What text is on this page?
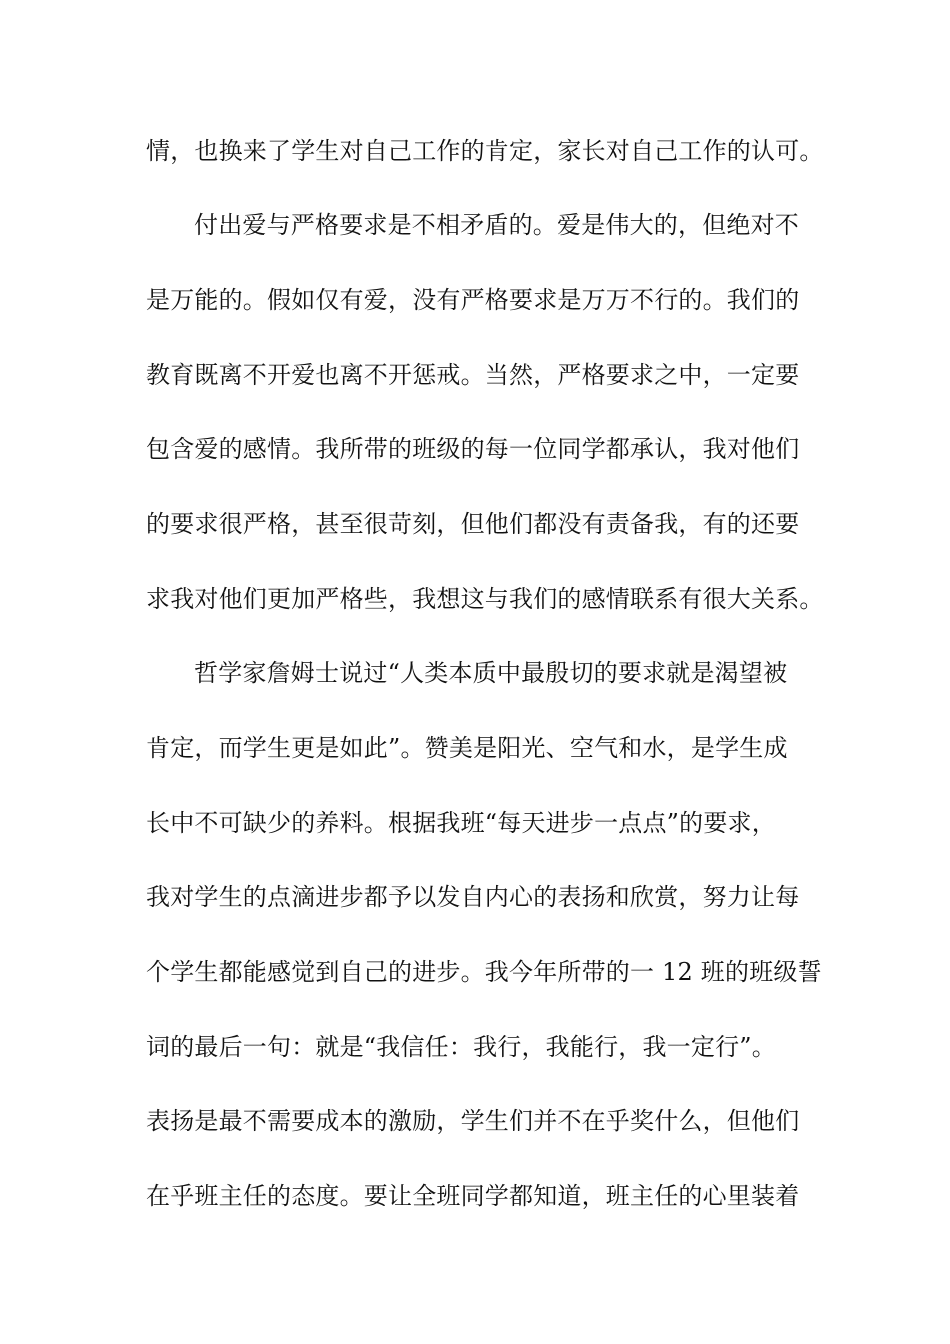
情，也换来了学生对自己工作的肯定，家长对自己工作的认可。
付出爱与严格要求是不相矛盾的。爱是伟大的，但绝对不
是万能的。假如仅有爱，没有严格要求是万万不行的。我们的
教育既离不开爱也离不开惩戒。当然，严格要求之中，一定要
包含爱的感情。我所带的班级的每一位同学都承认，我对他们
的要求很严格，甚至很苛刻，但他们都没有责备我，有的还要
求我对他们更加严格些，我想这与我们的感情联系有很大关系。
哲学家詹姆士说过“人类本质中最殷切的要求就是渴望被
肯定，而学生更是如此”。赞美是阳光、空气和水，是学生成
长中不可缺少的养料。根据我班“每天进步一点点”的要求，
我对学生的点滴进步都予以发自内心的表扬和欣赏，努力让每
个学生都能感觉到自己的进步。我今年所带的一 12 班的班级誓
词的最后一句：就是“我信任：我行，我能行，我一定行”。
表扬是最不需要成本的激励，学生们并不在乎奖什么，但他们
在乎班主任的态度。要让全班同学都知道，班主任的心里装着
